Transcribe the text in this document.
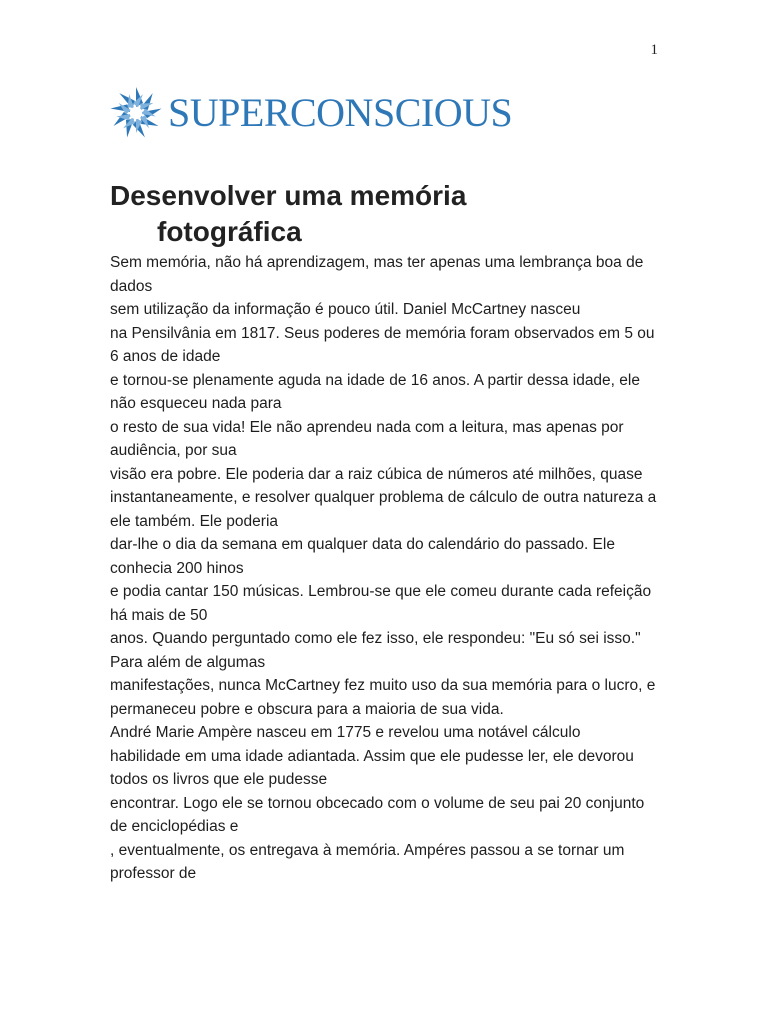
1
SUPERCONSCIOUS
Desenvolver uma memória
fotográfica

Sem memória, não há aprendizagem, mas ter apenas uma lembrança boa de dados

sem utilização da informação é pouco útil. Daniel McCartney nasceu

na Pensilvânia em 1817. Seus poderes de memória foram observados em 5 ou 6 anos de idade

e tornou-se plenamente aguda na idade de 16 anos. A partir dessa idade, ele não esqueceu nada para

o resto de sua vida! Ele não aprendeu nada com a leitura, mas apenas por audiência, por sua

visão era pobre. Ele poderia dar a raiz cúbica de números até milhões, quase

instantaneamente, e resolver qualquer problema de cálculo de outra natureza a ele também. Ele poderia

dar-lhe o dia da semana em qualquer data do calendário do passado. Ele conhecia 200 hinos

e podia cantar 150 músicas. Lembrou-se que ele comeu durante cada refeição há mais de 50

anos. Quando perguntado como ele fez isso, ele respondeu: "Eu só sei isso." Para além de algumas

manifestações, nunca McCartney fez muito uso da sua memória para o lucro, e

permaneceu pobre e obscura para a maioria de sua vida.

André Marie Ampère nasceu em 1775 e revelou uma notável cálculo

habilidade em uma idade adiantada. Assim que ele pudesse ler, ele devorou todos os livros que ele pudesse

encontrar. Logo ele se tornou obcecado com o volume de seu pai 20 conjunto de enciclopédias e

, eventualmente, os entregava à memória. Ampéres passou a se tornar um professor de
